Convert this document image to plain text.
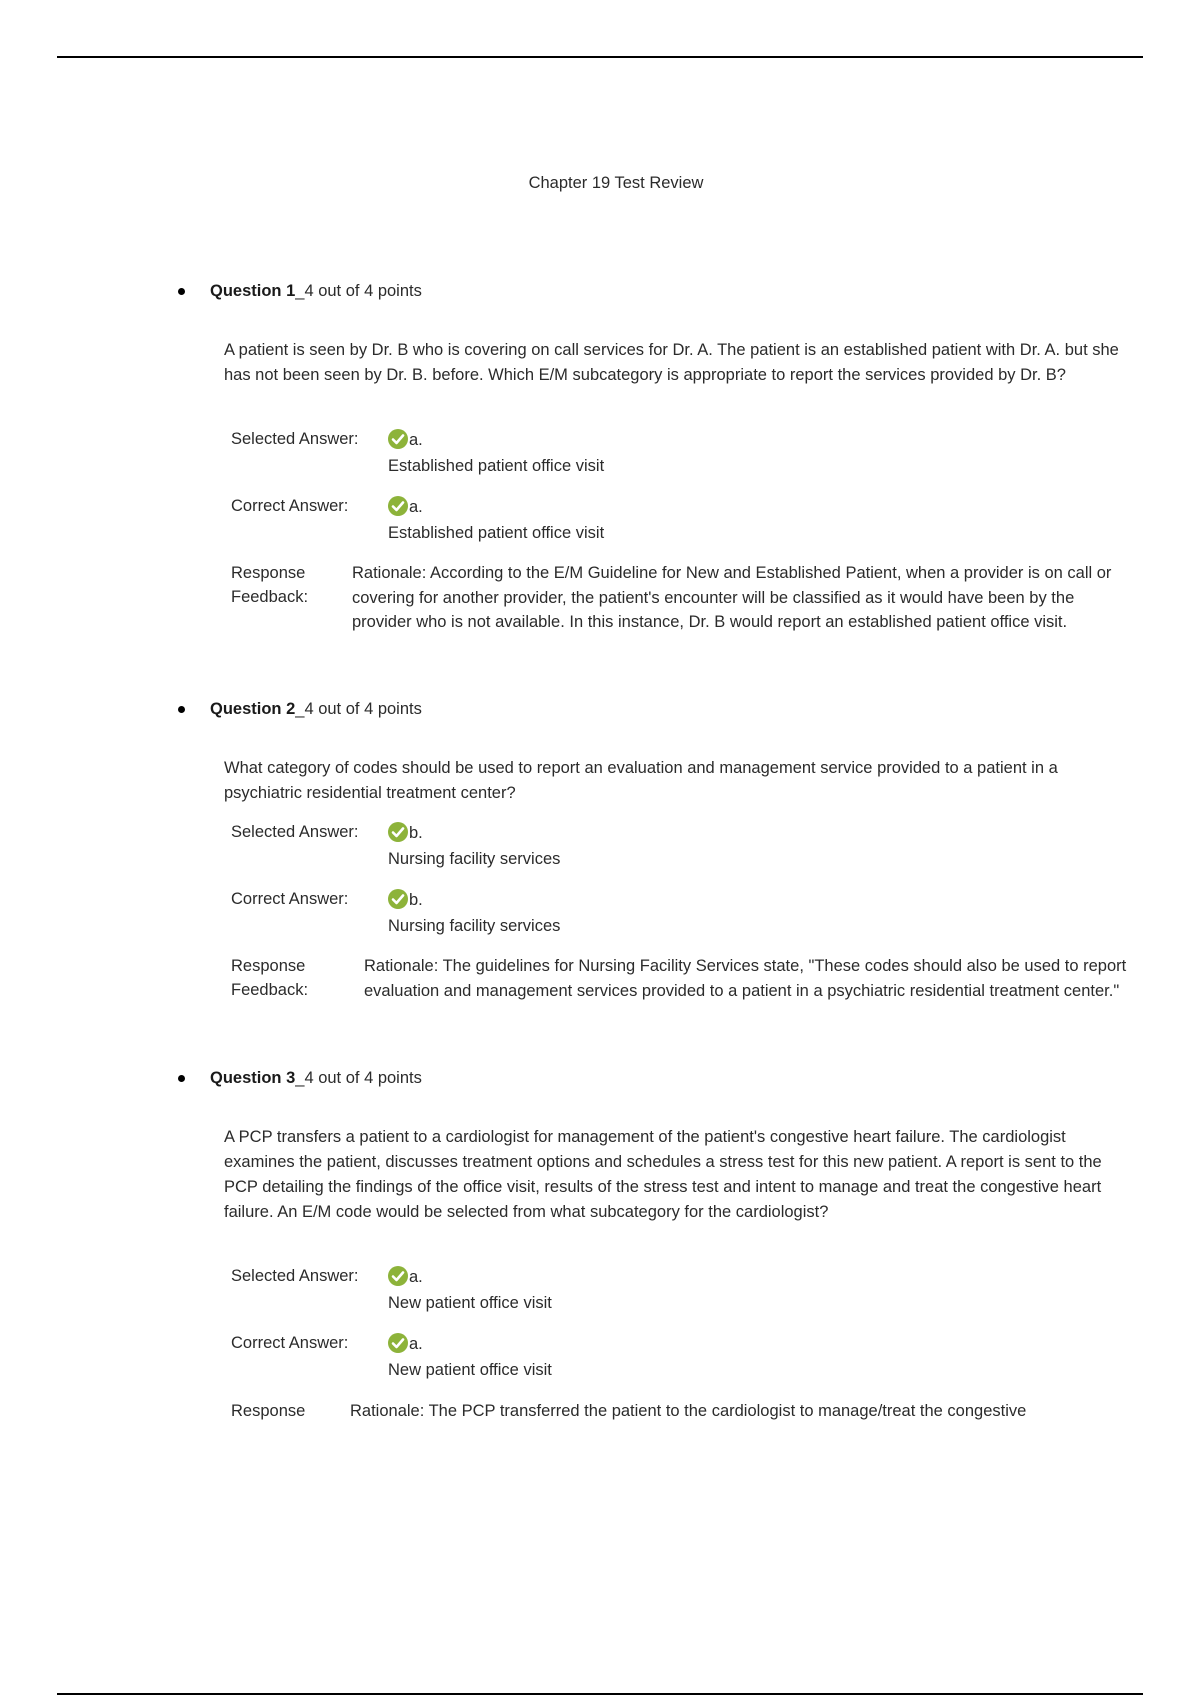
Chapter 19 Test Review
Question 1 _4 out of 4 points
A patient is seen by Dr. B who is covering on call services for Dr. A. The patient is an established patient with Dr. A. but she has not been seen by Dr. B. before. Which E/M subcategory is appropriate to report the services provided by Dr. B?
Selected Answer:	a.
Established patient office visit
Correct Answer:	a.
Established patient office visit
Response
Feedback:
Rationale: According to the E/M Guideline for New and Established Patient, when a provider is on call or covering for another provider, the patient's encounter will be classified as it would have been by the provider who is not available. In this instance, Dr. B would report an established patient office visit.
Question 2 _4 out of 4 points
What category of codes should be used to report an evaluation and management service provided to a patient in a psychiatric residential treatment center?
Selected Answer:	b.
Nursing facility services
Correct Answer:	b.
Nursing facility services
Response
Feedback:
Rationale: The guidelines for Nursing Facility Services state, "These codes should also be used to report evaluation and management services provided to a patient in a psychiatric residential treatment center."
Question 3 _4 out of 4 points
A PCP transfers a patient to a cardiologist for management of the patient's congestive heart failure. The cardiologist examines the patient, discusses treatment options and schedules a stress test for this new patient. A report is sent to the PCP detailing the findings of the office visit, results of the stress test and intent to manage and treat the congestive heart failure. An E/M code would be selected from what subcategory for the cardiologist?
Selected Answer:	a.
New patient office visit
Correct Answer:	a.
New patient office visit
Response	Rationale: The PCP transferred the patient to the cardiologist to manage/treat the congestive
